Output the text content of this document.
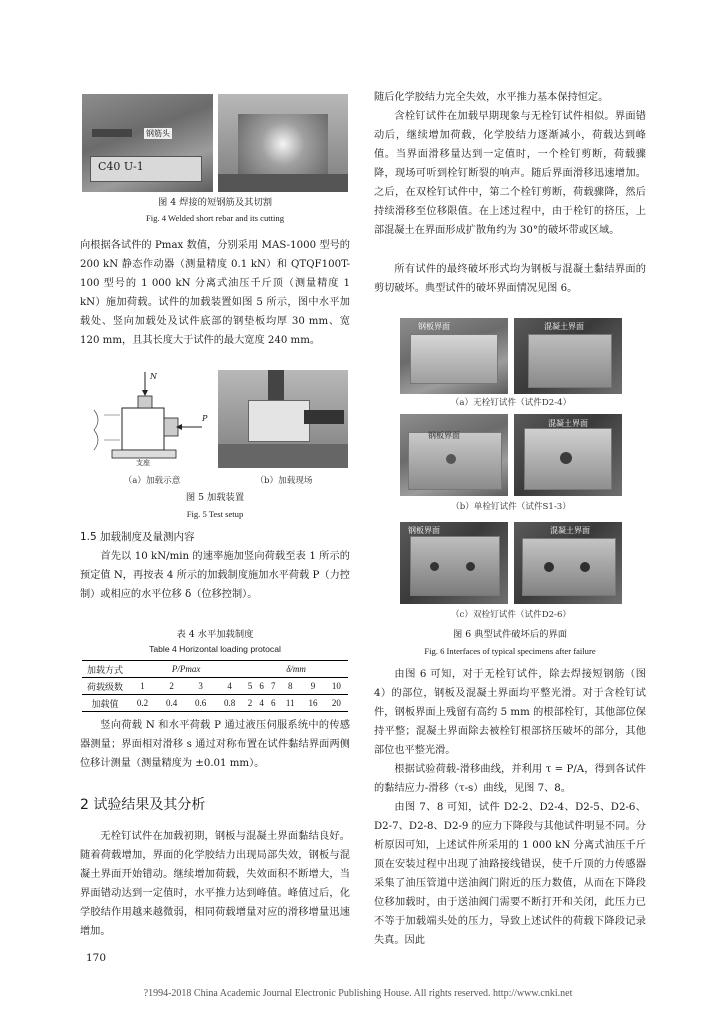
钢筋头
C40 U-1
图 4 焊接的短钢筋及其切割
Fig. 4 Welded short rebar and its cutting

向根据各试件的 Pmax 数值，分别采用 MAS-1000 型号的 200 kN 静态作动器（测量精度 0.1 kN）和 QTQF100T-100 型号的 1 000 kN 分离式油压千斤顶（测量精度 1 kN）施加荷载。试件的加载装置如图 5 所示，图中水平加载处、竖向加载处及试件底部的钢垫板均厚 30 mm、宽 120 mm，且其长度大于试件的最大宽度 240 mm。

N
P
支座
（a）加载示意	（b）加载现场
图 5 加载装置
Fig. 5 Test setup
1.5 加载制度及量测内容

首先以 10 kN/min 的速率施加竖向荷载至表 1 所示的预定值 N，再按表 4 所示的加载制度施加水平荷载 P（力控制）或相应的水平位移 δ（位移控制）。

表 4 水平加载制度
Table 4 Horizontal loading protocal
加载方式	P/Pmax				δ/mm					
荷载级数	1	2	3	4	5	6	7	8	9	10
加载值	0.2	0.4	0.6	0.8	2	4	6	11	16	20

竖向荷载 N 和水平荷载 P 通过液压伺服系统中的传感器测量；界面相对滑移 s 通过对称布置在试件黏结界面两侧位移计测量（测量精度为 ±0.01 mm）。

2 试验结果及其分析

无栓钉试件在加载初期，钢板与混凝土界面黏结良好。随着荷载增加，界面的化学胶结力出现局部失效，钢板与混凝土界面开始错动。继续增加荷载，失效面积不断增大，当界面错动达到一定值时，水平推力达到峰值。峰值过后，化学胶结作用越来越微弱，相同荷载增量对应的滑移增量迅速增加。

170

随后化学胶结力完全失效，水平推力基本保持恒定。

含栓钉试件在加载早期现象与无栓钉试件相似。界面错动后，继续增加荷载，化学胶结力逐渐减小，荷载达到峰值。当界面滑移量达到一定值时，一个栓钉剪断，荷载骤降，现场可听到栓钉断裂的响声。随后界面滑移迅速增加。之后，在双栓钉试件中，第二个栓钉剪断，荷载骤降，然后持续滑移至位移限值。在上述过程中，由于栓钉的挤压，上部混凝土在界面形成扩散角约为 30°的破坏带或区域。

所有试件的最终破坏形式均为钢板与混凝土黏结界面的剪切破坏。典型试件的破坏界面情况见图 6。

钢板界面	混凝土界面
（a）无栓钉试件（试件D2-4）
钢板界面
混凝土界面
（b）单栓钉试件（试件S1-3）
钢板界面	混凝土界面
（c）双栓钉试件（试件D2-6）
图 6 典型试件破坏后的界面
Fig. 6 Interfaces of typical specimens after failure

由图 6 可知，对于无栓钉试件，除去焊接短钢筋（图 4）的部位，钢板及混凝土界面均平整光滑。对于含栓钉试件，钢板界面上残留有高约 5 mm 的根部栓钉，其他部位保持平整；混凝土界面除去被栓钉根部挤压破坏的部分，其他部位也平整光滑。

根据试验荷载-滑移曲线，并利用 τ = P/A，得到各试件的黏结应力-滑移（τ-s）曲线，见图 7、8。

由图 7、8 可知，试件 D2-2、D2-4、D2-5、D2-6、D2-7、D2-8、D2-9 的应力下降段与其他试件明显不同。分析原因可知，上述试件所采用的 1 000 kN 分离式油压千斤顶在安装过程中出现了油路接线错误，使千斤顶的力传感器采集了油压管道中送油阀门附近的压力数值，从而在下降段位移加载时，由于送油阀门需要不断打开和关闭，此压力已不等于加载端头处的压力，导致上述试件的荷载下降段记录失真。因此

?1994-2018 China Academic Journal Electronic Publishing House. All rights reserved. http://www.cnki.net
